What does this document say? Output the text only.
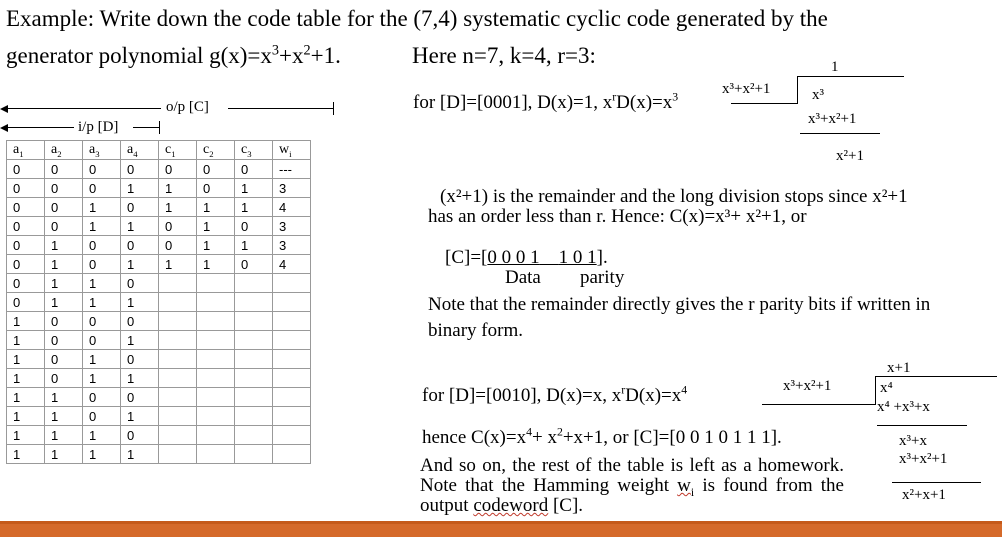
Example: Write down the code table for the (7,4) systematic cyclic code generated by the
generator polynomial $g(x)=x^3+x^2+1$.	Here n=7, k=4, r=3:
o/p [C]
i/p [D]
$a_1$	$a_2$	$a_3$	$a_4$	$c_1$	$c_2$	$c_3$	$w_i$
0	0	0	0	0	0	0	---
0	0	0	1	1	0	1	3
0	0	1	0	1	1	1	4
0	0	1	1	0	1	0	3
0	1	0	0	0	1	1	3
0	1	0	1	1	1	0	4
0	1	1	0				
0	1	1	1				
1	0	0	0				
1	0	0	1				
1	0	1	0				
1	0	1	1				
1	1	0	0				
1	1	0	1				
1	1	1	0				
1	1	1	1				
for [D]=[0001], D(x)=1, $x^rD(x)=x^3$
1
x³+x²+1	x³
x³+x²+1
x²+1
(x²+1) is the remainder and the long division stops since x²+1
has an order less than r. Hence: C(x)=x³+ x²+1, or
[C]=[0 0 0 1 1 0 1].
Data parity
Note that the remainder directly gives the r parity bits if written in binary form.
for [D]=[0010], D(x)=x, $x^rD(x)=x^4$
x+1
x³+x²+1	x⁴
x⁴ +x³+x
x³+x
x³+x²+1
x²+x+1
hence $C(x)=x^4+ x^2+x+1$, or [C]=[0 0 1 0 1 1 1].
And so on, the rest of the table is left as a homework. Note that the Hamming weight $w_i$ is found from the output codeword [C].
